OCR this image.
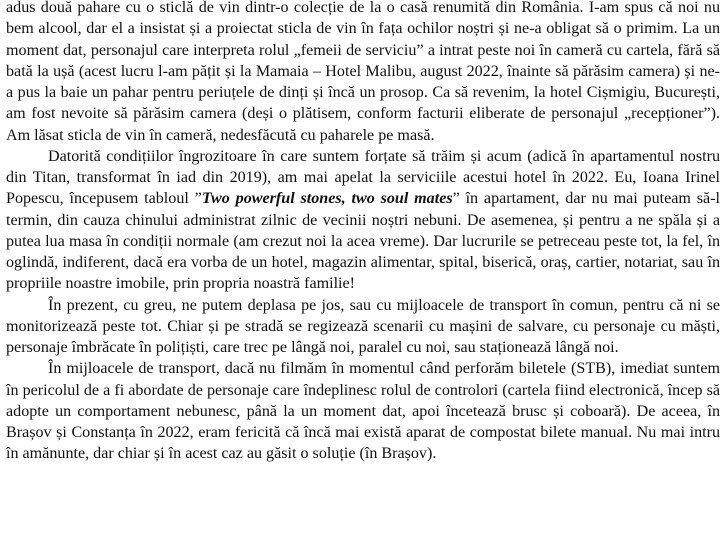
adus două pahare cu o sticlă de vin dintr-o colecție de la o casă renumită din România. I-am spus că noi nu bem alcool, dar el a insistat și a proiectat sticla de vin în fața ochilor noștri și ne-a obligat să o primim. La un moment dat, personajul care interpreta rolul „femeii de serviciu” a intrat peste noi în cameră cu cartela, fără să bată la ușă (acest lucru l-am pățit și la Mamaia – Hotel Malibu, august 2022, înainte să părăsim camera) și ne-a pus la baie un pahar pentru periuțele de dinți și încă un prosop. Ca să revenim, la hotel Cișmigiu, București, am fost nevoite să părăsim camera (deși o plătisem, conform facturii eliberate de personajul „recepționer”). Am lăsat sticla de vin în cameră, nedesfăcută cu paharele pe masă.

Datorită condițiilor îngrozitoare în care suntem forțate să trăim și acum (adică în apartamentul nostru din Titan, transformat în iad din 2019), am mai apelat la serviciile acestui hotel în 2022. Eu, Ioana Irinel Popescu, începusem tabloul ”Two powerful stones, two soul mates” în apartament, dar nu mai puteam să-l termin, din cauza chinului administrat zilnic de vecinii noștri nebuni. De asemenea, și pentru a ne spăla și a putea lua masa în condiții normale (am crezut noi la acea vreme). Dar lucrurile se petreceau peste tot, la fel, în oglindă, indiferent, dacă era vorba de un hotel, magazin alimentar, spital, biserică, oraș, cartier, notariat, sau în propriile noastre imobile, prin propria noastră familie!

În prezent, cu greu, ne putem deplasa pe jos, sau cu mijloacele de transport în comun, pentru că ni se monitorizează peste tot. Chiar și pe stradă se regizează scenarii cu mașini de salvare, cu personaje cu măști, personaje îmbrăcate în polițiști, care trec pe lângă noi, paralel cu noi, sau staționează lângă noi.

În mijloacele de transport, dacă nu filmăm în momentul când perforăm biletele (STB), imediat suntem în pericolul de a fi abordate de personaje care îndeplinesc rolul de controlori (cartela fiind electronică, încep să adopte un comportament nebunesc, până la un moment dat, apoi încetează brusc și coboară). De aceea, în Brașov și Constanța în 2022, eram fericită că încă mai există aparat de compostat bilete manual. Nu mai intru în amănunte, dar chiar și în acest caz au găsit o soluție (în Brașov).
